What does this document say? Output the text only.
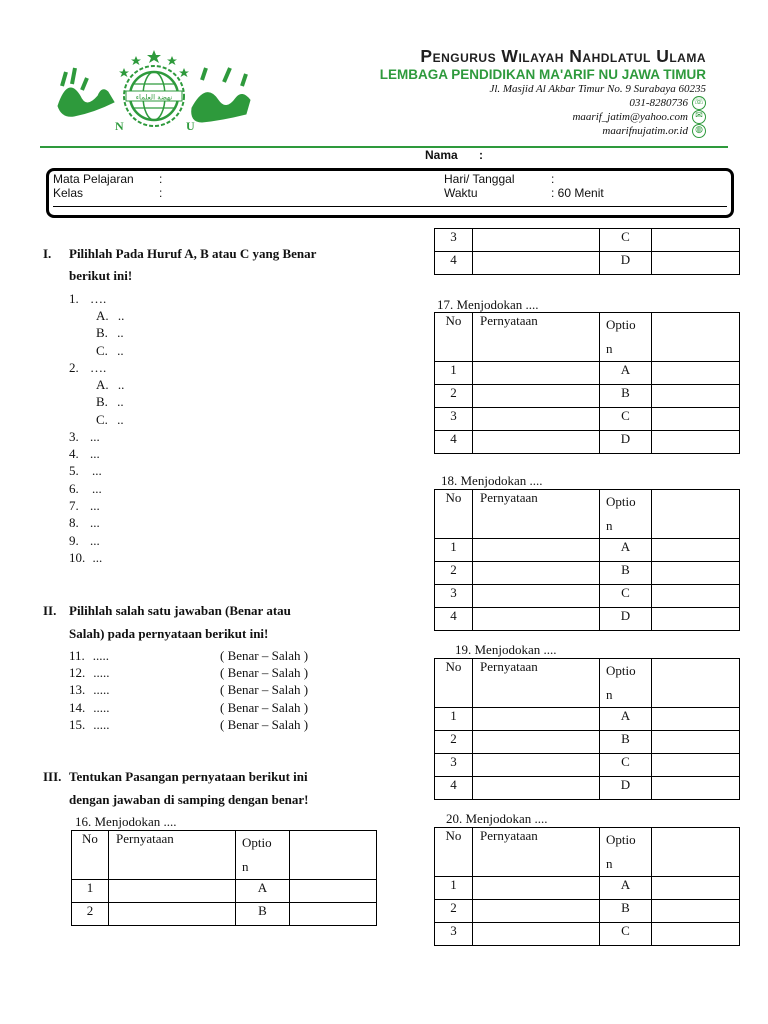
نهضة العلماء
N	U
Pengurus Wilayah Nahdlatul Ulama
LEMBAGA PENDIDIKAN MA'ARIF NU JAWA TIMUR
Jl. Masjid Al Akbar Timur No. 9 Surabaya 60235
031-8280736 ☏
maarif_jatim@yahoo.com ✉
maarifnujatim.or.id ◍
Nama :
Mata Pelajaran :
Kelas	:
Hari/ Tanggal	:
Waktu	: 60 Menit
I. Pilihlah Pada Huruf A, B atau C yang Benar
berikut ini!
1. ….
A. ..
B. ..
C. ..
2. ….
A. ..
B. ..
C. ..
3. ...
4. ...
5. ...
6. ...
7. ...
8. ...
9. ...
10. ...
II. Pilihlah salah satu jawaban (Benar atau
Salah) pada pernyataan berikut ini!
11. .....	( Benar – Salah )
12. .....	( Benar – Salah )
13. .....	( Benar – Salah )
14. .....	( Benar – Salah )
15. .....	( Benar – Salah )
III. Tentukan Pasangan pernyataan berikut ini
dengan jawaban di samping dengan benar!
16. Menjodokan ....
No	Pernyataan	Optio
n	

1		A	
2		B	
3		C	
4		D	
17. Menjodokan ....
No	Pernyataan	Optio
n	

1		A	
2		B	
3		C	
4		D	
18. Menjodokan ....
No	Pernyataan	Optio
n	

1		A	
2		B	
3		C	
4		D	
19. Menjodokan ....
No	Pernyataan	Optio
n	

1		A	
2		B	
3		C	
4		D	
20. Menjodokan ....
No	Pernyataan	Optio
n	

1		A	
2		B	
3		C	
